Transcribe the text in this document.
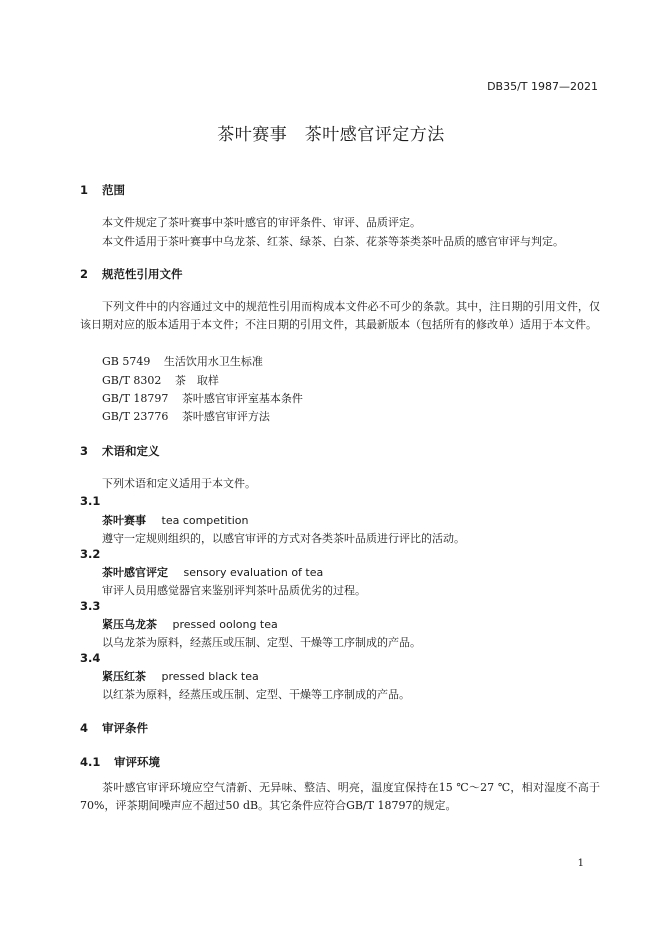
DB35/T 1987—2021
茶叶赛事　茶叶感官评定方法
1 范围
本文件规定了茶叶赛事中茶叶感官的审评条件、审评、品质评定。
本文件适用于茶叶赛事中乌龙茶、红茶、绿茶、白茶、花茶等茶类茶叶品质的感官审评与判定。
2 规范性引用文件
下列文件中的内容通过文中的规范性引用而构成本文件必不可少的条款。其中，注日期的引用文件，仅该日期对应的版本适用于本文件；不注日期的引用文件，其最新版本（包括所有的修改单）适用于本文件。
GB 5749 生活饮用水卫生标准
GB/T 8302 茶　取样
GB/T 18797 茶叶感官审评室基本条件
GB/T 23776 茶叶感官审评方法
3 术语和定义
下列术语和定义适用于本文件。
3.1
茶叶赛事 tea competition
遵守一定规则组织的，以感官审评的方式对各类茶叶品质进行评比的活动。
3.2
茶叶感官评定 sensory evaluation of tea
审评人员用感觉器官来鉴别评判茶叶品质优劣的过程。
3.3
紧压乌龙茶 pressed oolong tea
以乌龙茶为原料，经蒸压或压制、定型、干燥等工序制成的产品。
3.4
紧压红茶 pressed black tea
以红茶为原料，经蒸压或压制、定型、干燥等工序制成的产品。
4 审评条件
4.1 审评环境
茶叶感官审评环境应空气清新、无异味、整洁、明亮，温度宜保持在15 ℃～27 ℃，相对湿度不高于70%，评茶期间噪声应不超过50 dB。其它条件应符合GB/T 18797的规定。
1
